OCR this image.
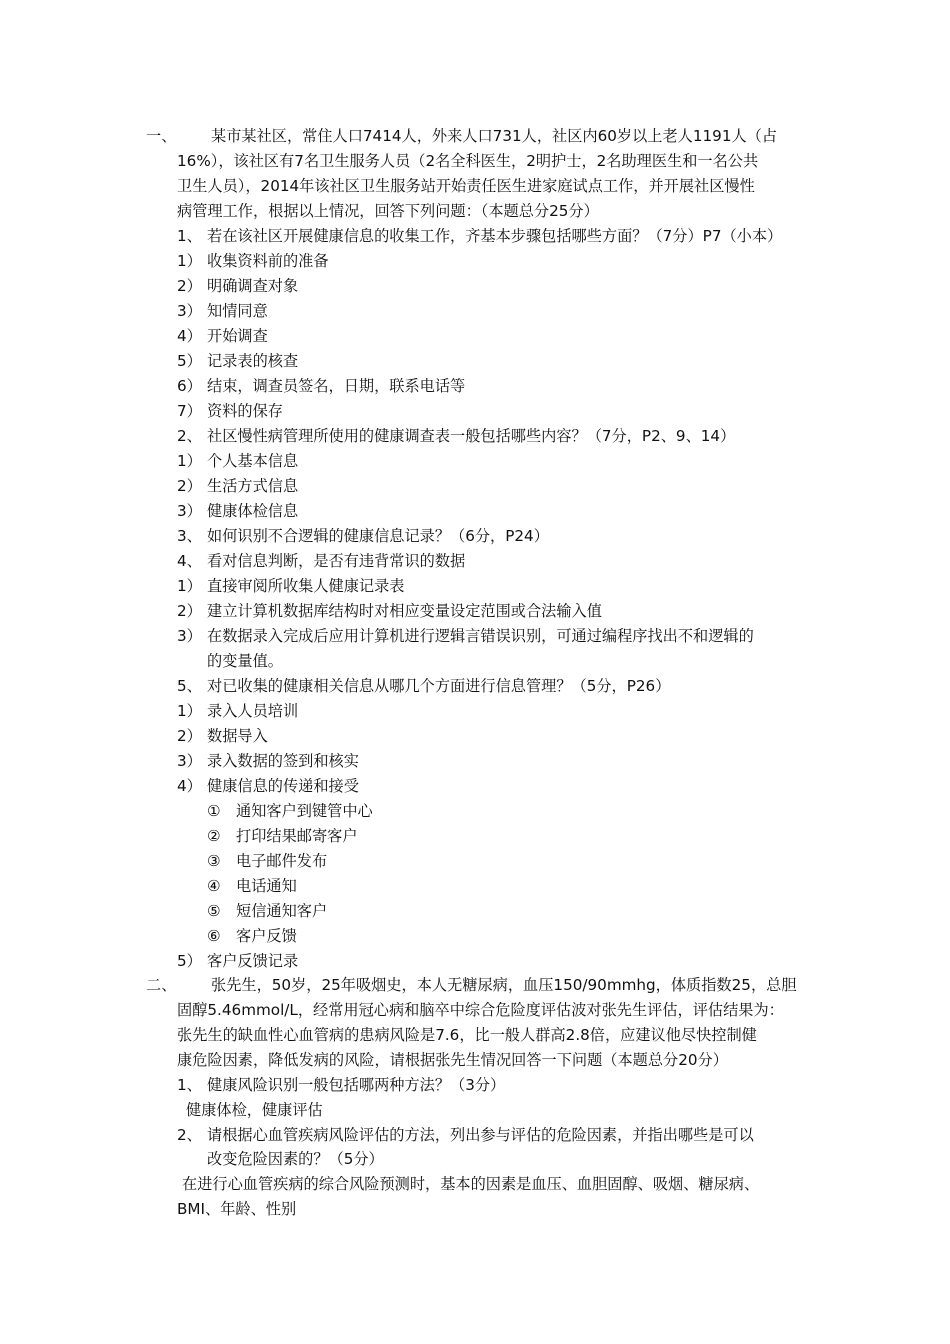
一、 某市某社区，常住人口7414人，外来人口731人，社区内60岁以上老人1191人（占
16%），该社区有7名卫生服务人员（2名全科医生，2明护士，2名助理医生和一名公共
卫生人员），2014年该社区卫生服务站开始责任医生进家庭试点工作，并开展社区慢性
病管理工作，根据以上情况，回答下列问题：（本题总分25分）
1、 若在该社区开展健康信息的收集工作，齐基本步骤包括哪些方面？（7分）P7（小本）
1） 收集资料前的准备
2） 明确调查对象
3） 知情同意
4） 开始调查
5） 记录表的核查
6） 结束，调查员签名，日期，联系电话等
7） 资料的保存
2、 社区慢性病管理所使用的健康调查表一般包括哪些内容？（7分，P2、9、14）
1） 个人基本信息
2） 生活方式信息
3） 健康体检信息
3、 如何识别不合逻辑的健康信息记录？（6分，P24）
4、 看对信息判断，是否有违背常识的数据
1） 直接审阅所收集人健康记录表
2） 建立计算机数据库结构时对相应变量设定范围或合法输入值
3） 在数据录入完成后应用计算机进行逻辑言错误识别，可通过编程序找出不和逻辑的
的变量值。
5、 对已收集的健康相关信息从哪几个方面进行信息管理？（5分，P26）
1） 录入人员培训
2） 数据导入
3） 录入数据的签到和核实
4） 健康信息的传递和接受
① 通知客户到键管中心
② 打印结果邮寄客户
③ 电子邮件发布
④ 电话通知
⑤ 短信通知客户
⑥ 客户反馈
5） 客户反馈记录
二、 张先生，50岁，25年吸烟史，本人无糖尿病，血压150/90mmhg，体质指数25，总胆
固醇5.46mmol/L，经常用冠心病和脑卒中综合危险度评估波对张先生评估，评估结果为：
张先生的缺血性心血管病的患病风险是7.6，比一般人群高2.8倍，应建议他尽快控制健
康危险因素，降低发病的风险，请根据张先生情况回答一下问题（本题总分20分）
1、 健康风险识别一般包括哪两种方法？（3分）
健康体检，健康评估
2、 请根据心血管疾病风险评估的方法，列出参与评估的危险因素，并指出哪些是可以
改变危险因素的？（5分）
在进行心血管疾病的综合风险预测时，基本的因素是血压、血胆固醇、吸烟、糖尿病、
BMI、年龄、性别
